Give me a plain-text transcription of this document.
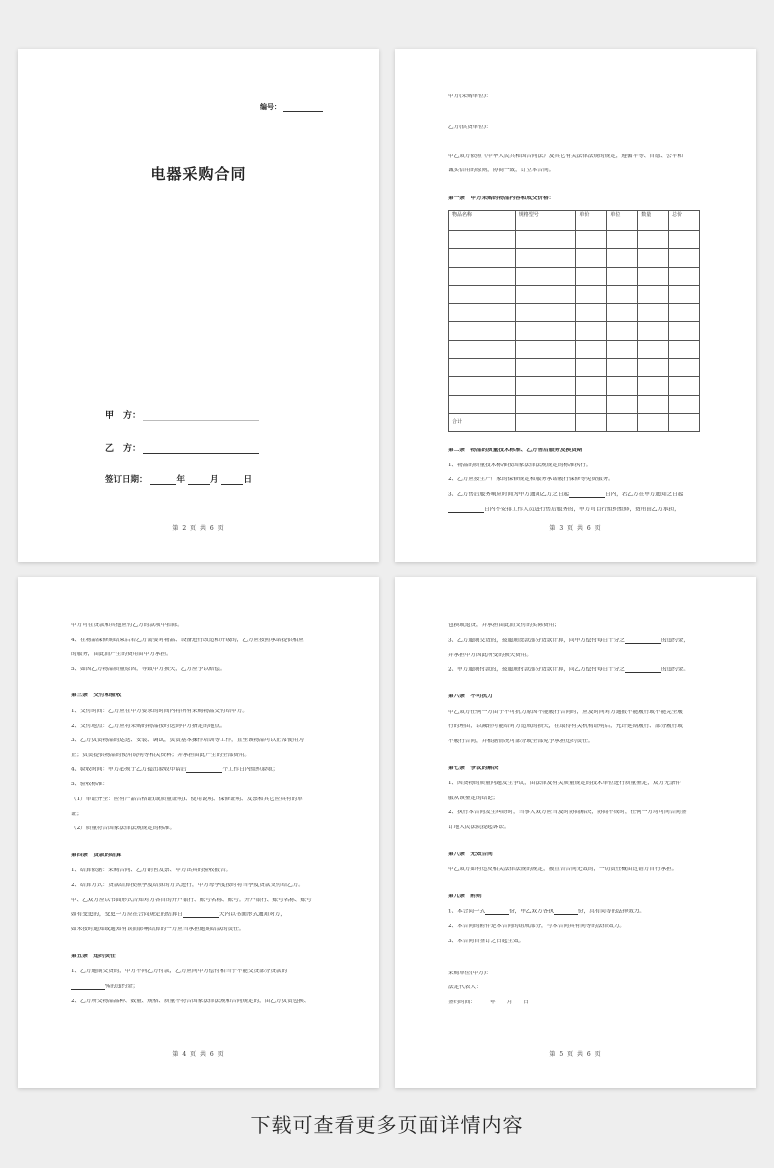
编号：
电器采购合同
甲　方：
乙　方：
签订日期：	年	月	日
第 2 页 共 6 页

甲方(采购单位)：

乙方(供货单位)：

甲乙双方依照《中华人民共和国合同法》及其它有关法律法规的规定，遵循平等、自愿、公平和

诚实信用的原则，协商一致，订立本合同。

第一条　甲方采购的物品内容和成交价格：

物品名称	规格型号	单价	单位	数量	总价

合计					

第二条　物品的质量技术标准、乙方售后服务及换货期

1、物品的质量技术标准按国家法律法规规定的标准执行。

2、乙方应按生产厂家的保修规定和服务承诺履行保修等免费服务。

3、乙方售后服务响应时间为甲方通知乙方之日起	日内，若乙方在甲方通知之日起

日内不安排工作人员进行售后服务的，甲方可自行组织维修，费用由乙方承担，

第 3 页 共 6 页

甲方可在货款和其他应付乙方的款项中扣除。

4、在物品保修期结束后若乙方需要对物品、设备进行改造和升级的，乙方应按照承诺提供相应

的服务，由此而产生的费用由甲方承担。

5、如因乙方物品质量原因，导致甲方损失，乙方应予以赔偿。

第三条　交付和验收

1、交付时间：乙方应在甲方要求的时间内将所有采购物品交付给甲方。

2、交付地点：乙方应将采购的物品按时送到甲方指定的地点。

3、乙方负责物品的运送、安装、调试，负责基本操作培训等工作，直至该物品可以正常使用为

止；负责提供物品的使用说明等相关资料；并承担由此产生的全部费用。

4、验收时间：甲方必须于乙方提出验收申请后	个工作日内组织验收；

5、验收标准：

（1）单证齐全：应有产品合格证(或质量证明)、使用说明、保修证明、发票和其它应具有的单

证；

（2）质量符合国家法律法规规定的标准。

第四条　货款的结算

1、结算依据：采购合同、乙方销售发票、甲方出具的验收报告。

2、结算方式：货款结算按照季度结算的方式进行，甲方每季度按时将当季度货款支付给乙方。

甲、乙双方应以书面形式告知对方各自的开户银行、账号名称、账号。开户银行、账号名称、账号

如有变更的，变更一方应在合同规定的结算日	天内以书面形式通知对方，

如未按时通知或通知有误而影响结算的一方应当承担逾期结款的责任。

第五条　违约责任

1、乙方逾期交货的，甲方不向乙方付款，乙方应向甲方偿付相当于不能交货部分货款的

%的违约金；

2、乙方所交物品品种、数量、规格、质量不符合国家法律法规和合同规定的，由乙方负责包换、

第 4 页 共 6 页

包换或退货，并承担由此而支付的实际费用；

3、乙方逾期交货的，按逾期货款部分货款计算，向甲方偿付每日千分之	的违约金，

并承担甲方因此所受的损失费用。

2、甲方逾期付款的，按逾期付款部分货款计算，向乙方偿付每日千分之	的违约金。

第六条　不可抗力

甲乙双方任何一方由于不可抗力原因不能履行合同时，应及时向对方通报不能履行或不能完全履

行的理由，以减轻可能给对方造成的损失，在取得有关机构证明后，允许延期履行、部分履行或

不履行合同，并根据情况可部分或全部免予承担违约责任。

第七条　争议的解决

1、因货物的质量问题发生争议，由法律及有关质量规定的技术单位进行质量鉴定，双方无条件

服从该鉴定的结论；

2、执行本合同发生纠纷时，当事人双方应当及时协商解决，协商不成时，任何一方均可向合同签

订地人民法院提起诉讼。

第八条　无效合同

甲乙双方如有违反相关法律法规的规定，被宣告合同无效的，一切责任概由过错方自行承担。

第九条　附则

1、本合同一式	份，甲乙双方各执	份，具有同等的法律效力。

2、本合同的附件是本合同的组成部分，与本合同具有同等的法律效力。

3、本合同自签订之日起生效。

采购单位(甲方)：

法定代表人：

签约时间：　　　年　　月　　日

第 5 页 共 6 页
下载可查看更多页面详情内容
